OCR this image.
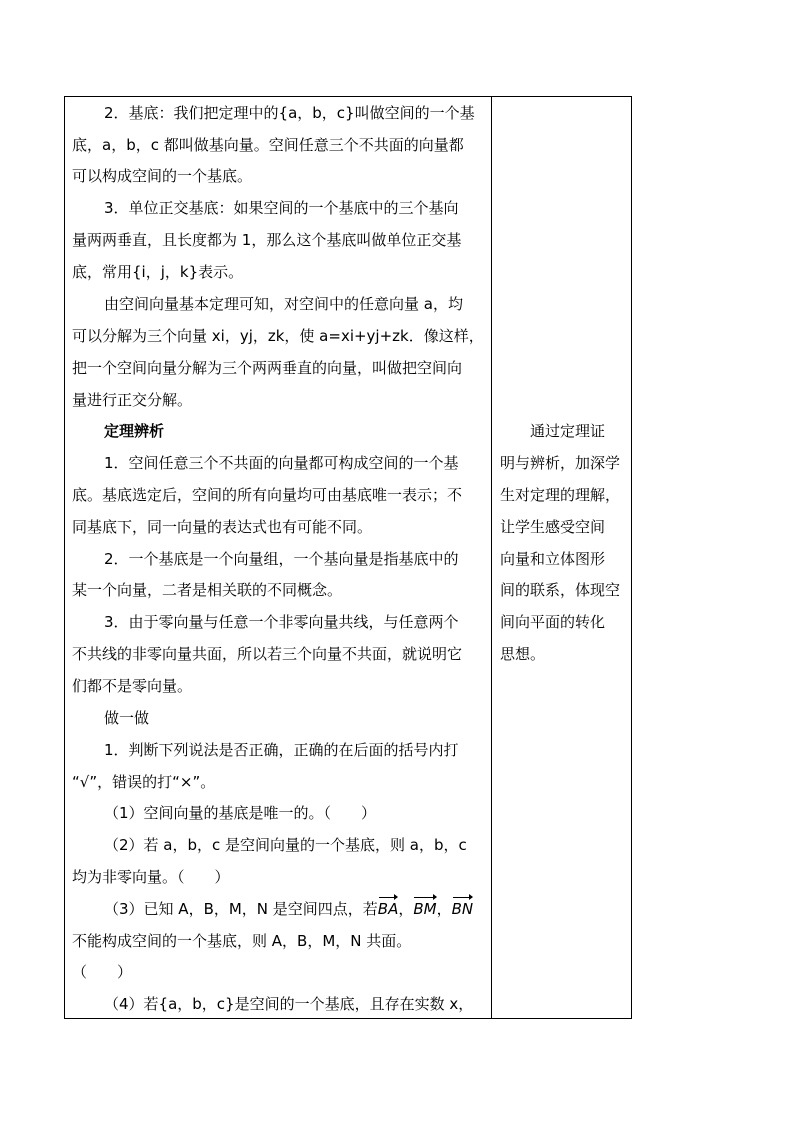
2．基底：我们把定理中的{a，b，c}叫做空间的一个基
底，a，b，c 都叫做基向量。空间任意三个不共面的向量都
可以构成空间的一个基底。
3．单位正交基底：如果空间的一个基底中的三个基向
量两两垂直，且长度都为 1，那么这个基底叫做单位正交基
底，常用{i，j，k}表示。
由空间向量基本定理可知，对空间中的任意向量 a，均
可以分解为三个向量 xi，yj，zk，使 a=xi+yj+zk．像这样，
把一个空间向量分解为三个两两垂直的向量，叫做把空间向
量进行正交分解。
定理辨析
1．空间任意三个不共面的向量都可构成空间的一个基
底。基底选定后，空间的所有向量均可由基底唯一表示；不
同基底下，同一向量的表达式也有可能不同。
2．一个基底是一个向量组，一个基向量是指基底中的
某一个向量，二者是相关联的不同概念。
3．由于零向量与任意一个非零向量共线，与任意两个
不共线的非零向量共面，所以若三个向量不共面，就说明它
们都不是零向量。
做一做
1．判断下列说法是否正确，正确的在后面的括号内打
“√”，错误的打“×”。
（1）空间向量的基底是唯一的。（　　）
（2）若 a，b，c 是空间向量的一个基底，则 a，b，c
均为非零向量。（　　）
（3）已知 A，B，M，N 是空间四点，若BA，BM，BN
不能构成空间的一个基底，则 A，B，M，N 共面。
（　　）
（4）若{a，b，c}是空间的一个基底，且存在实数 x，
通过定理证
明与辨析，加深学
生对定理的理解，
让学生感受空间
向量和立体图形
间的联系，体现空
间向平面的转化
思想。
